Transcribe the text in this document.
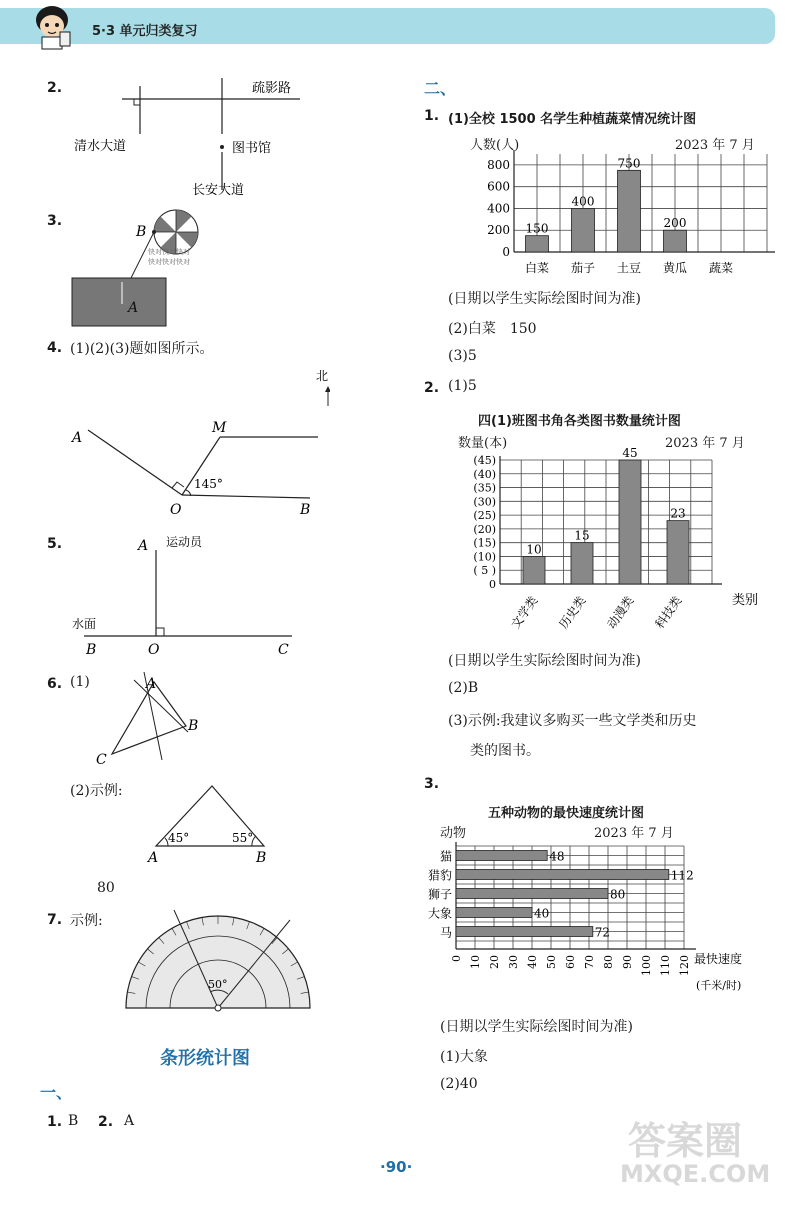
5·3 单元归类复习
2.	疏影路
清水大道	图书馆
长安大道
3.
快对快对快对
快对快对快对
B
A
4. (1)(2)(3)题如图所示。
北
A
M
O	B
145°
5.	A 运动员
水面
B	O	C
6. (1)	A
B
C
(2)示例:
45°	55°
A	B
80
7. 示例:
50°
条形统计图
一、
1. B 2. A
二、
1. (1)全校 1500 名学生种植蔬菜情况统计图
人数(人)	2023 年 7 月
0
200
400
600
800
150
白菜
400
茄子
750
土豆
200
黄瓜 蔬菜
(日期以学生实际绘图时间为准)
(2)白菜　150
(3)5
2. (1)5
四(1)班图书角各类图书数量统计图
数量(本)	2023 年 7 月
0
( 5 )
(10)
(15)
(20)
(25)
(30)
(35)
(40)
(45)
类别
10
文学类
15
历史类
45
动漫类
23
科技类
(日期以学生实际绘图时间为准)
(2)B
(3)示例:我建议多购买一些文学类和历史
类的图书。
3.
五种动物的最快速度统计图
动物	2023 年 7 月
0 10 20 30 40 50 60 70 80 90 100 110 120 最快速度
(千米/时)
48
猫
112
猎豹
80
狮子
40
大象
72
马
(日期以学生实际绘图时间为准)
(1)大象
(2)40
·90·
答案圈
MXQE.COM
